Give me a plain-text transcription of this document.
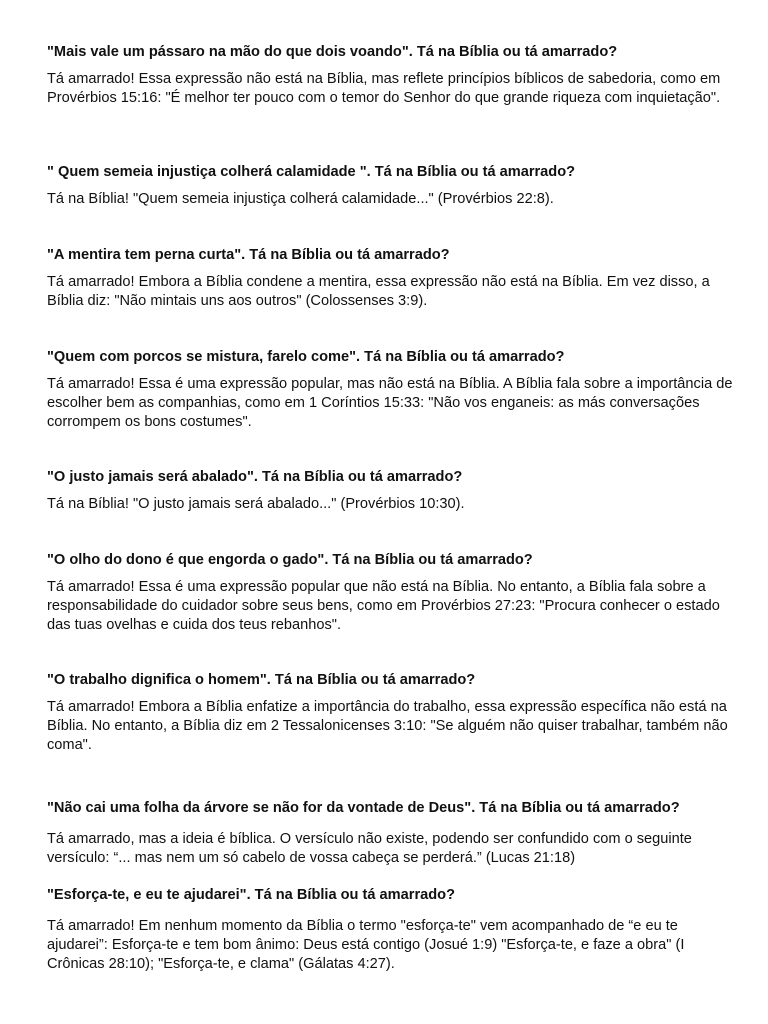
"Mais vale um pássaro na mão do que dois voando". Tá na Bíblia ou tá amarrado?

Tá amarrado! Essa expressão não está na Bíblia, mas reflete princípios bíblicos de sabedoria, como em Provérbios 15:16: "É melhor ter pouco com o temor do Senhor do que grande riqueza com inquietação".

" Quem semeia injustiça colherá calamidade ". Tá na Bíblia ou tá amarrado?

Tá na Bíblia! "Quem semeia injustiça colherá calamidade..." (Provérbios 22:8).

"A mentira tem perna curta". Tá na Bíblia ou tá amarrado?

Tá amarrado! Embora a Bíblia condene a mentira, essa expressão não está na Bíblia. Em vez disso, a Bíblia diz: "Não mintais uns aos outros" (Colossenses 3:9).

"Quem com porcos se mistura, farelo come". Tá na Bíblia ou tá amarrado?

Tá amarrado! Essa é uma expressão popular, mas não está na Bíblia. A Bíblia fala sobre a importância de escolher bem as companhias, como em 1 Coríntios 15:33: "Não vos enganeis: as más conversações corrompem os bons costumes".

"O justo jamais será abalado". Tá na Bíblia ou tá amarrado?

Tá na Bíblia! "O justo jamais será abalado..." (Provérbios 10:30).

"O olho do dono é que engorda o gado". Tá na Bíblia ou tá amarrado?

Tá amarrado! Essa é uma expressão popular que não está na Bíblia. No entanto, a Bíblia fala sobre a responsabilidade do cuidador sobre seus bens, como em Provérbios 27:23: "Procura conhecer o estado das tuas ovelhas e cuida dos teus rebanhos".

"O trabalho dignifica o homem". Tá na Bíblia ou tá amarrado?

Tá amarrado! Embora a Bíblia enfatize a importância do trabalho, essa expressão específica não está na Bíblia. No entanto, a Bíblia diz em 2 Tessalonicenses 3:10: "Se alguém não quiser trabalhar, também não coma".

"Não cai uma folha da árvore se não for da vontade de Deus". Tá na Bíblia ou tá amarrado?

Tá amarrado, mas a ideia é bíblica. O versículo não existe, podendo ser confundido com o seguinte versículo: “... mas nem um só cabelo de vossa cabeça se perderá.” (Lucas 21:18)

"Esforça-te, e eu te ajudarei". Tá na Bíblia ou tá amarrado?

Tá amarrado! Em nenhum momento da Bíblia o termo "esforça-te" vem acompanhado de “e eu te ajudarei”: Esforça-te e tem bom ânimo: Deus está contigo (Josué 1:9) "Esforça-te, e faze a obra" (I Crônicas 28:10); "Esforça-te, e clama" (Gálatas 4:27).
